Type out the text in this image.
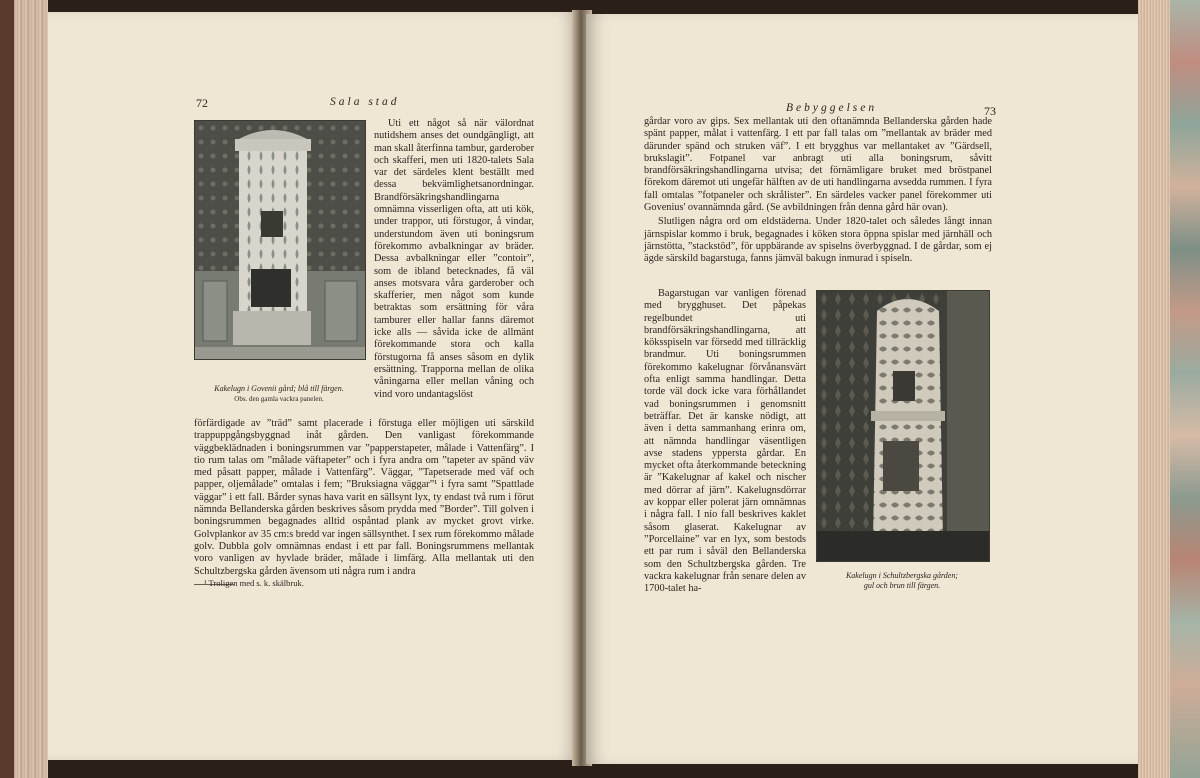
72	Sala stad
Kakelugn i Govenii gård; blå till färgen.
Obs. den gamla vackra panelen.

Uti ett något så när välordnat nutidshem anses det oundgängligt, att man skall återfinna tambur, garderober och skafferi, men uti 1820-talets Sala var det särdeles klent beställt med dessa bekvämlighetsanordningar. Brandförsäkringshandlingarna omnämna visserligen ofta, att uti kök, under trappor, uti förstugor, å vindar, understundom även uti boningsrum förekommo avbalkningar av bräder. Dessa avbalkningar eller ”contoir”, som de ibland betecknades, få väl anses motsvara våra garderober och skafferier, men något som kunde betraktas som ersättning för våra tamburer eller hallar fanns däremot icke alls — såvida icke de allmänt förekommande stora och kalla förstugorna få anses såsom en dylik ersättning. Trapporna mellan de olika våningarna eller mellan våning och vind voro undantagslöst

förfärdigade av ”träd” samt placerade i förstuga eller möjligen uti särskild trappuppgångsbyggnad inåt gården. Den vanligast förekommande väggbeklädnaden i boningsrummen var ”papperstapeter, målade i Vattenfärg”. I tio rum talas om ”målade väftapeter” och i fyra andra om ”tapeter av spänd väv med påsatt papper, målade i Vattenfärg”. Väggar, ”Tapetserade med väf och papper, oljemålade” omtalas i fem; ”Bruksiagna väggar”¹ i fyra samt ”Spattlade väggar” i ett fall. Bårder synas hava varit en sällsynt lyx, ty endast två rum i förut nämnda Bellanderska gården beskrives såsom prydda med ”Border”. Till golven i boningsrummen begagnades alltid ospåntad plank av mycket grovt virke. Golvplankor av 35 cm:s bredd var ingen sällsynthet. I sex rum förekommo målade golv. Dubbla golv omnämnas endast i ett par fall. Boningsrummens mellantak voro vanligen av hyvlade bräder, målade i limfärg. Alla mellantak uti den Schultzbergska gården ävensom uti några rum i andra

¹ Troligen med s. k. skälbruk.
Bebyggelsen	73

gårdar voro av gips. Sex mellantak uti den oftanämnda Bellanderska gården hade spänt papper, målat i vattenfärg. I ett par fall talas om ”mellantak av bräder med därunder spänd och struken väf”. I ett brygghus var mellantaket av ”Gärdsell, brukslagit”. Fotpanel var anbragt uti alla boningsrum, såvitt brandförsäkringshandlingarna utvisa; det förnämligare bruket med bröstpanel förekom däremot uti ungefär hälften av de uti handlingarna avsedda rummen. I fyra fall omtalas ”fotpaneler och skrålister”. En särdeles vacker panel förekommer uti Govenius' ovannämnda gård. (Se avbildningen från denna gård här ovan).

Slutligen några ord om eldstäderna. Under 1820-talet och således långt innan järnspislar kommo i bruk, begagnades i köken stora öppna spislar med järnhäll och järnstötta, ”stackstöd”, för uppbärande av spiselns överbyggnad. I de gårdar, som ej ägde särskild bagarstuga, fanns jämväl bakugn inmurad i spiseln.

Bagarstugan var vanligen förenad med brygghuset. Det påpekas regelbundet uti brandförsäkringshandlingarna, att köksspiseln var försedd med tillräcklig brandmur. Uti boningsrummen förekommo kakelugnar förvånansvärt ofta enligt samma handlingar. Detta torde väl dock icke vara förhållandet vad boningsrummen i genomsnitt beträffar. Det är kanske nödigt, att även i detta sammanhang erinra om, att nämnda handlingar väsentligen avse stadens yppersta gårdar. En mycket ofta återkommande beteckning är ”Kakelugnar af kakel och nischer med dörrar af järn”. Kakelugnsdörrar av koppar eller polerat järn omnämnas i några fall. I nio fall beskrives kaklet såsom glaserat. Kakelugnar av ”Porcellaine” var en lyx, som bestods ett par rum i såväl den Bellanderska som den Schultzbergska gården. Tre vackra kakelugnar från senare delen av 1700-talet ha-

Kakelugn i Schultzbergska gården;
gul och brun till färgen.
